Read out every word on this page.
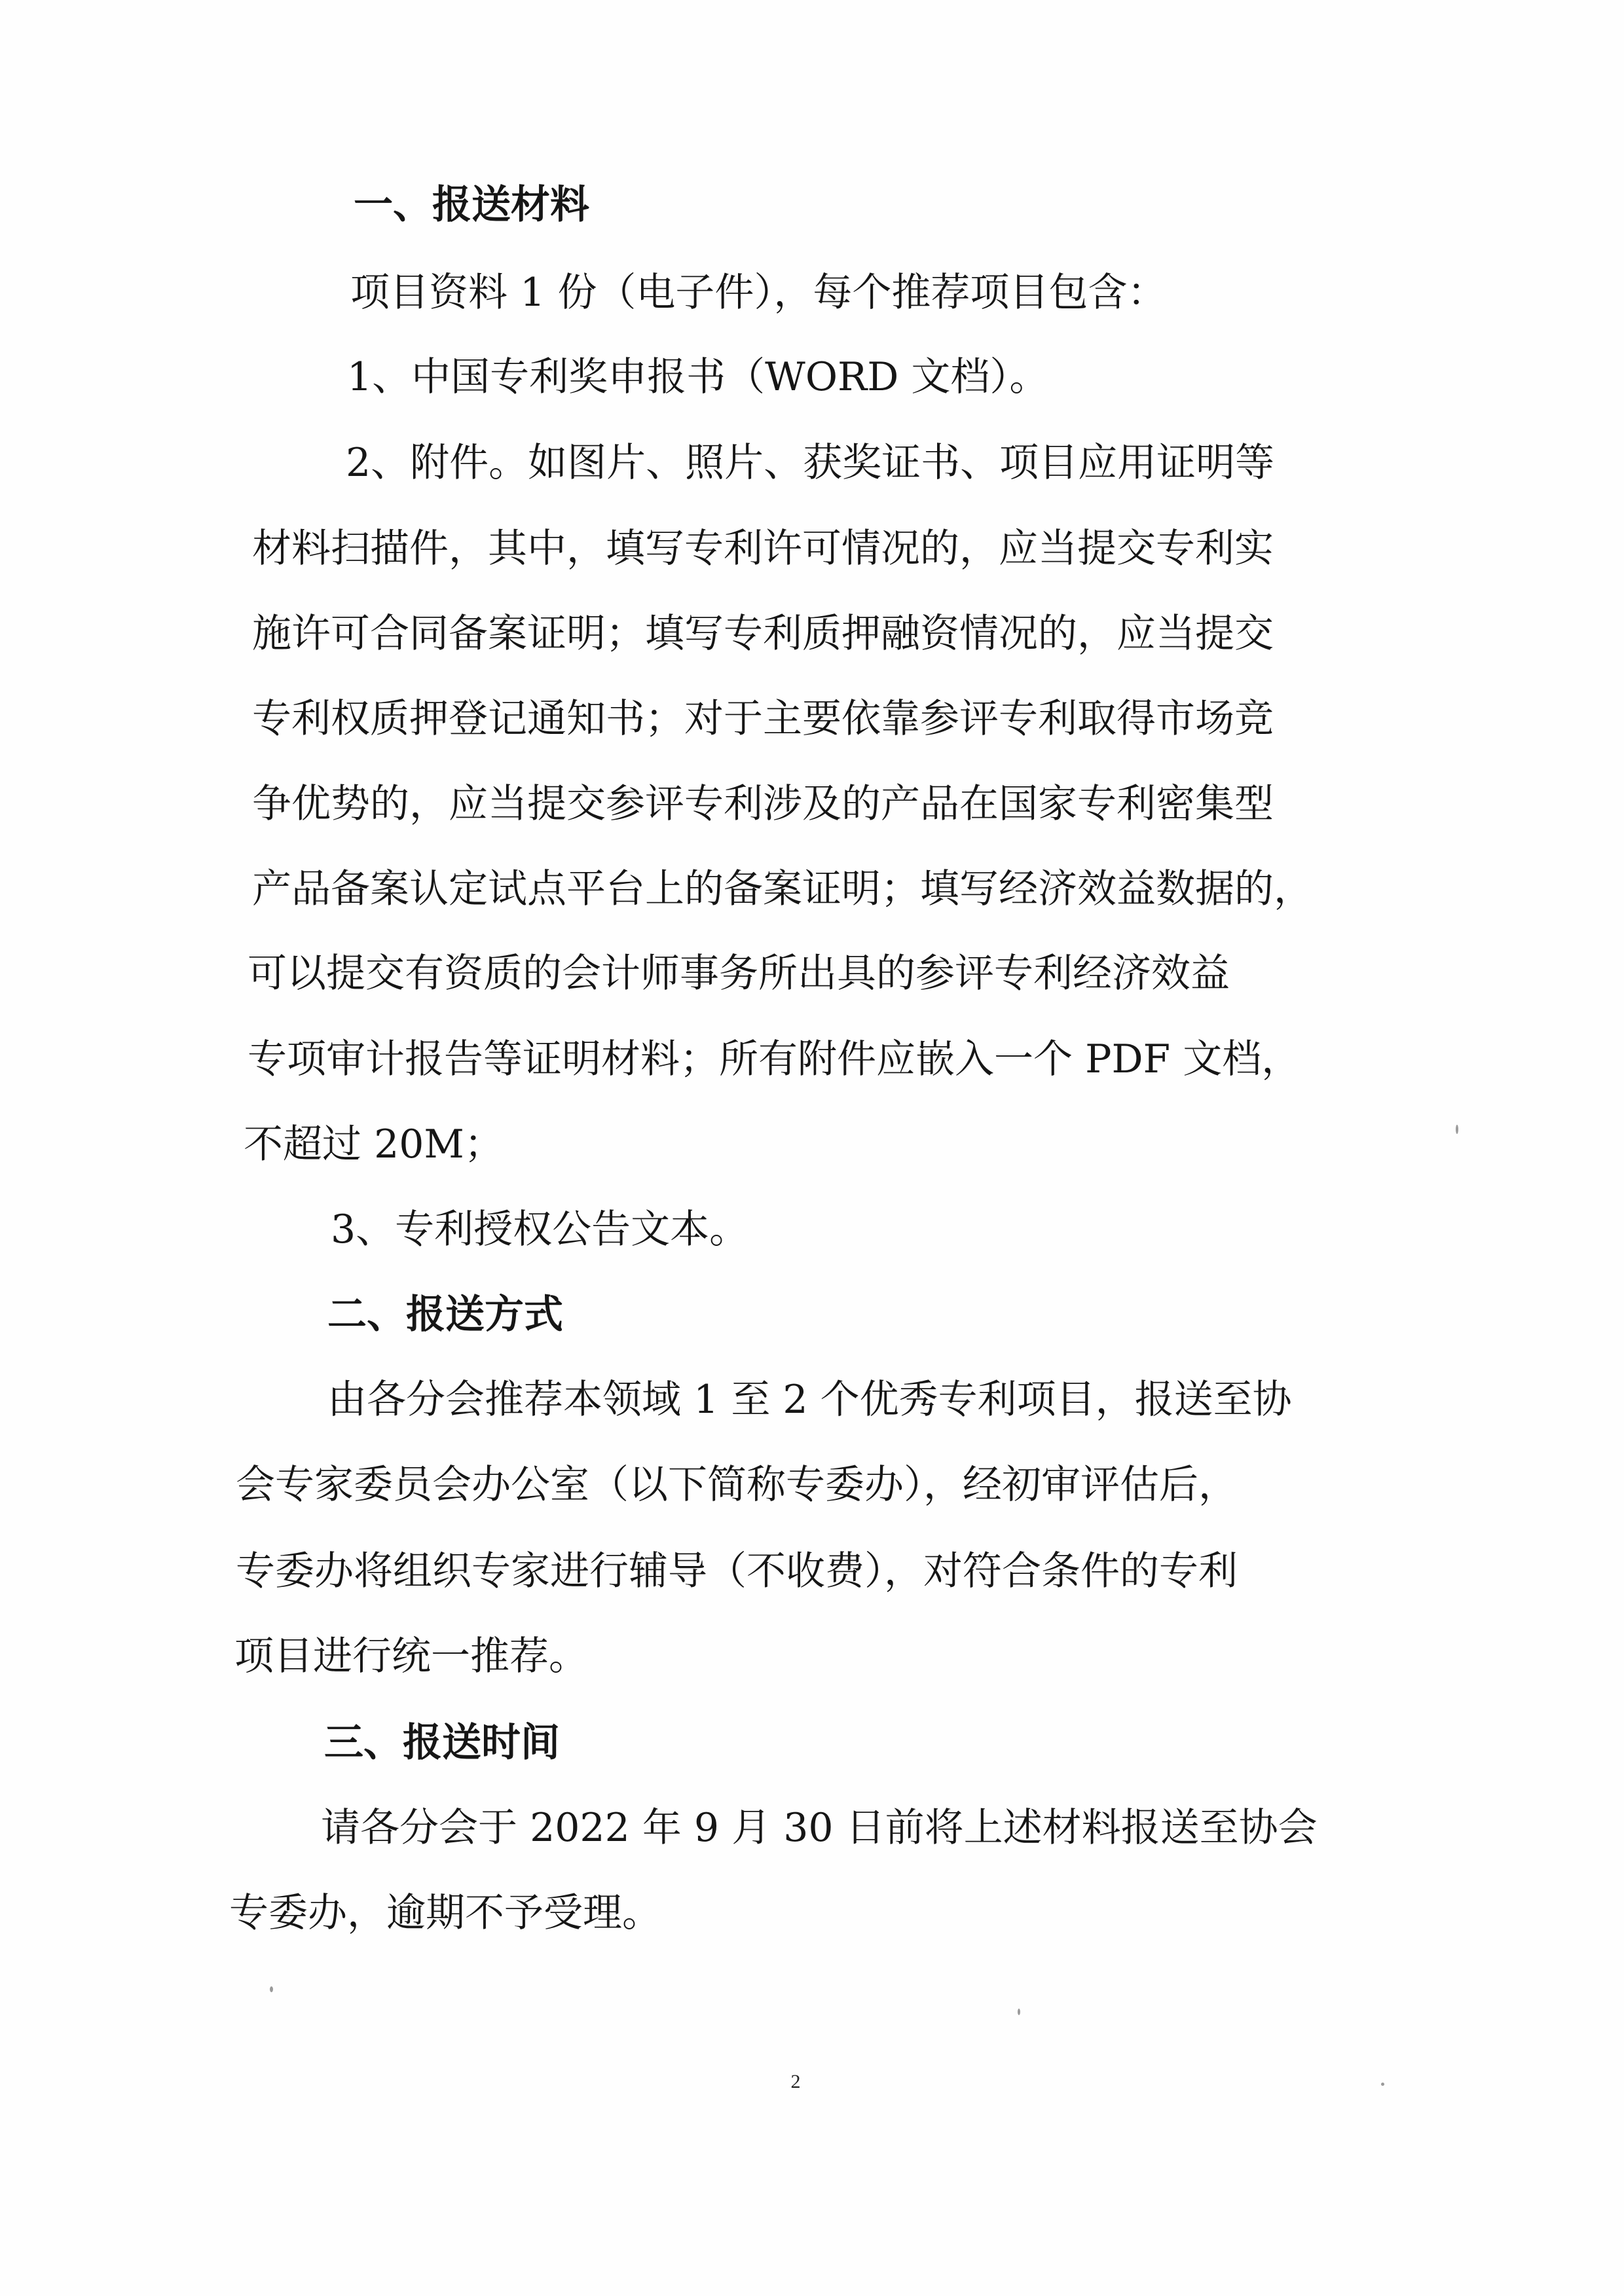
一、报送材料
项目资料 1 份（电子件），每个推荐项目包含：
1、中国专利奖申报书（WORD 文档）。
2、附件。如图片、照片、获奖证书、项目应用证明等
材料扫描件，其中，填写专利许可情况的，应当提交专利实
施许可合同备案证明；填写专利质押融资情况的，应当提交
专利权质押登记通知书；对于主要依靠参评专利取得市场竞
争优势的，应当提交参评专利涉及的产品在国家专利密集型
产品备案认定试点平台上的备案证明；填写经济效益数据的，
可以提交有资质的会计师事务所出具的参评专利经济效益
专项审计报告等证明材料；所有附件应嵌入一个 PDF 文档，
不超过 20M；
3、专利授权公告文本。
二、报送方式
由各分会推荐本领域 1 至 2 个优秀专利项目，报送至协
会专家委员会办公室（以下简称专委办），经初审评估后，
专委办将组织专家进行辅导（不收费），对符合条件的专利
项目进行统一推荐。
三、报送时间
请各分会于 2022 年 9 月 30 日前将上述材料报送至协会
专委办，逾期不予受理。
2
